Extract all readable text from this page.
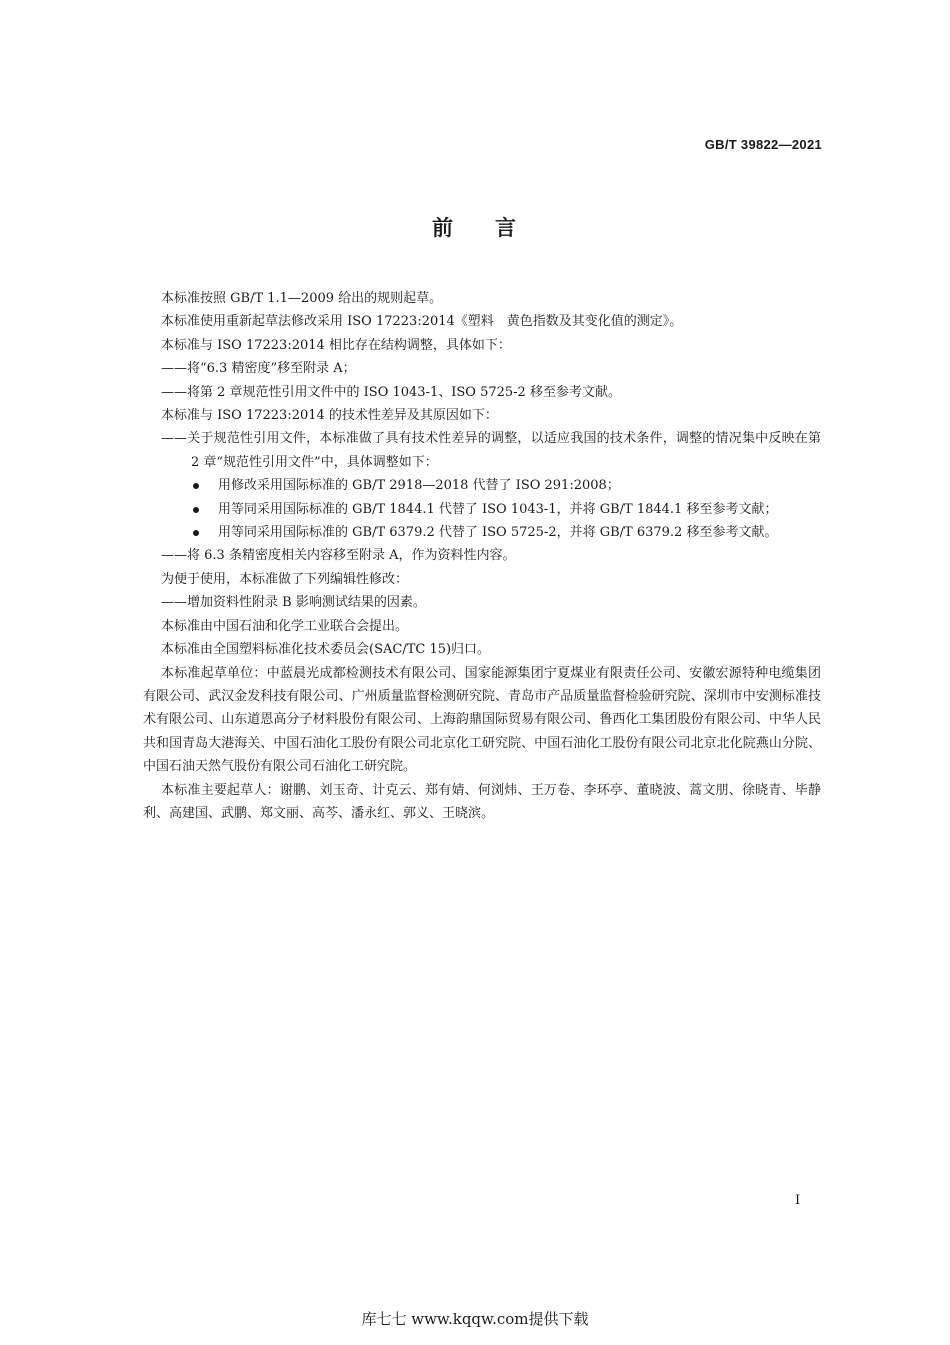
GB/T 39822—2021
前 言

本标准按照 GB/T 1.1—2009 给出的规则起草。

本标准使用重新起草法修改采用 ISO 17223:2014《塑料　黄色指数及其变化值的测定》。

本标准与 ISO 17223:2014 相比存在结构调整，具体如下：

——将“6.3 精密度”移至附录 A；

——将第 2 章规范性引用文件中的 ISO 1043-1、ISO 5725-2 移至参考文献。

本标准与 ISO 17223:2014 的技术性差异及其原因如下：

——关于规范性引用文件，本标准做了具有技术性差异的调整，以适应我国的技术条件，调整的情况集中反映在第 2 章“规范性引用文件”中，具体调整如下：

用修改采用国际标准的 GB/T 2918—2018 代替了 ISO 291:2008；
用等同采用国际标准的 GB/T 1844.1 代替了 ISO 1043-1，并将 GB/T 1844.1 移至参考文献；
用等同采用国际标准的 GB/T 6379.2 代替了 ISO 5725-2，并将 GB/T 6379.2 移至参考文献。

——将 6.3 条精密度相关内容移至附录 A，作为资料性内容。

为便于使用，本标准做了下列编辑性修改：

——增加资料性附录 B 影响测试结果的因素。

本标准由中国石油和化学工业联合会提出。

本标准由全国塑料标准化技术委员会(SAC/TC 15)归口。

本标准起草单位：中蓝晨光成都检测技术有限公司、国家能源集团宁夏煤业有限责任公司、安徽宏源特种电缆集团有限公司、武汉金发科技有限公司、广州质量监督检测研究院、青岛市产品质量监督检验研究院、深圳市中安测标准技术有限公司、山东道恩高分子材料股份有限公司、上海韵鼎国际贸易有限公司、鲁西化工集团股份有限公司、中华人民共和国青岛大港海关、中国石油化工股份有限公司北京化工研究院、中国石油化工股份有限公司北京北化院燕山分院、中国石油天然气股份有限公司石油化工研究院。

本标准主要起草人：谢鹏、刘玉奇、计克云、郑有婧、何浏炜、王万卷、李环亭、董晓波、蒿文朋、徐晓青、毕静利、高建国、武鹏、郑文丽、高芩、潘永红、郭义、王晓滨。

I
库七七 www.kqqw.com提供下载
